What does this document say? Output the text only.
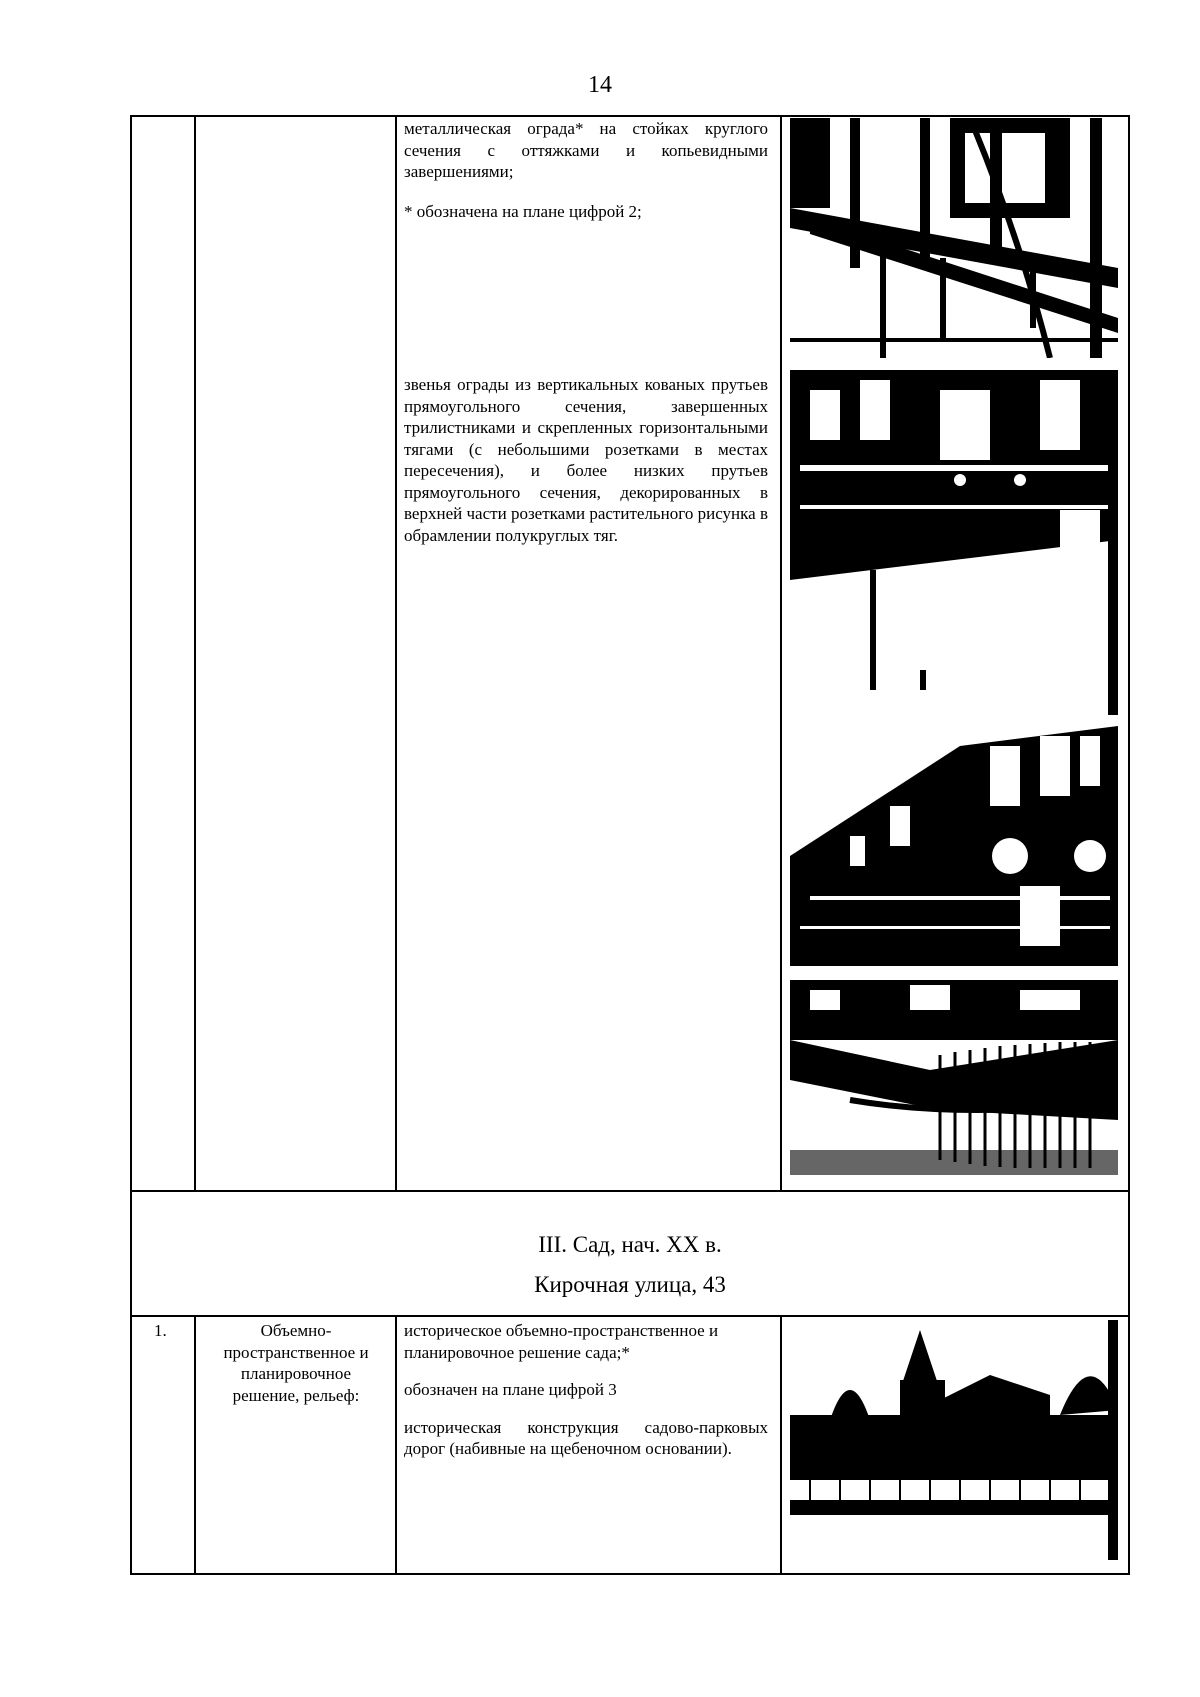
14

металлическая ограда* на стойках круглого сечения с оттяжками и копьевидными завершениями;

* обозначена на плане цифрой 2;

звенья ограды из вертикальных кованых прутьев прямоугольного сечения, завершенных трилистниками и скрепленных горизонтальными тягами (с небольшими розетками в местах пересечения), и более низких прутьев прямоугольного сечения, декорированных в верхней части розетками растительного рисунка в обрамлении полукруглых тяг.

III. Сад, нач. XX в.
Кирочная улица, 43
1.	Объемно-пространственное и планировочное решение, рельеф:

историческое объемно-пространственное и планировочное решение сада;*

обозначен на плане цифрой 3

историческая конструкция садово-парковых дорог (набивные на щебеночном основании).
